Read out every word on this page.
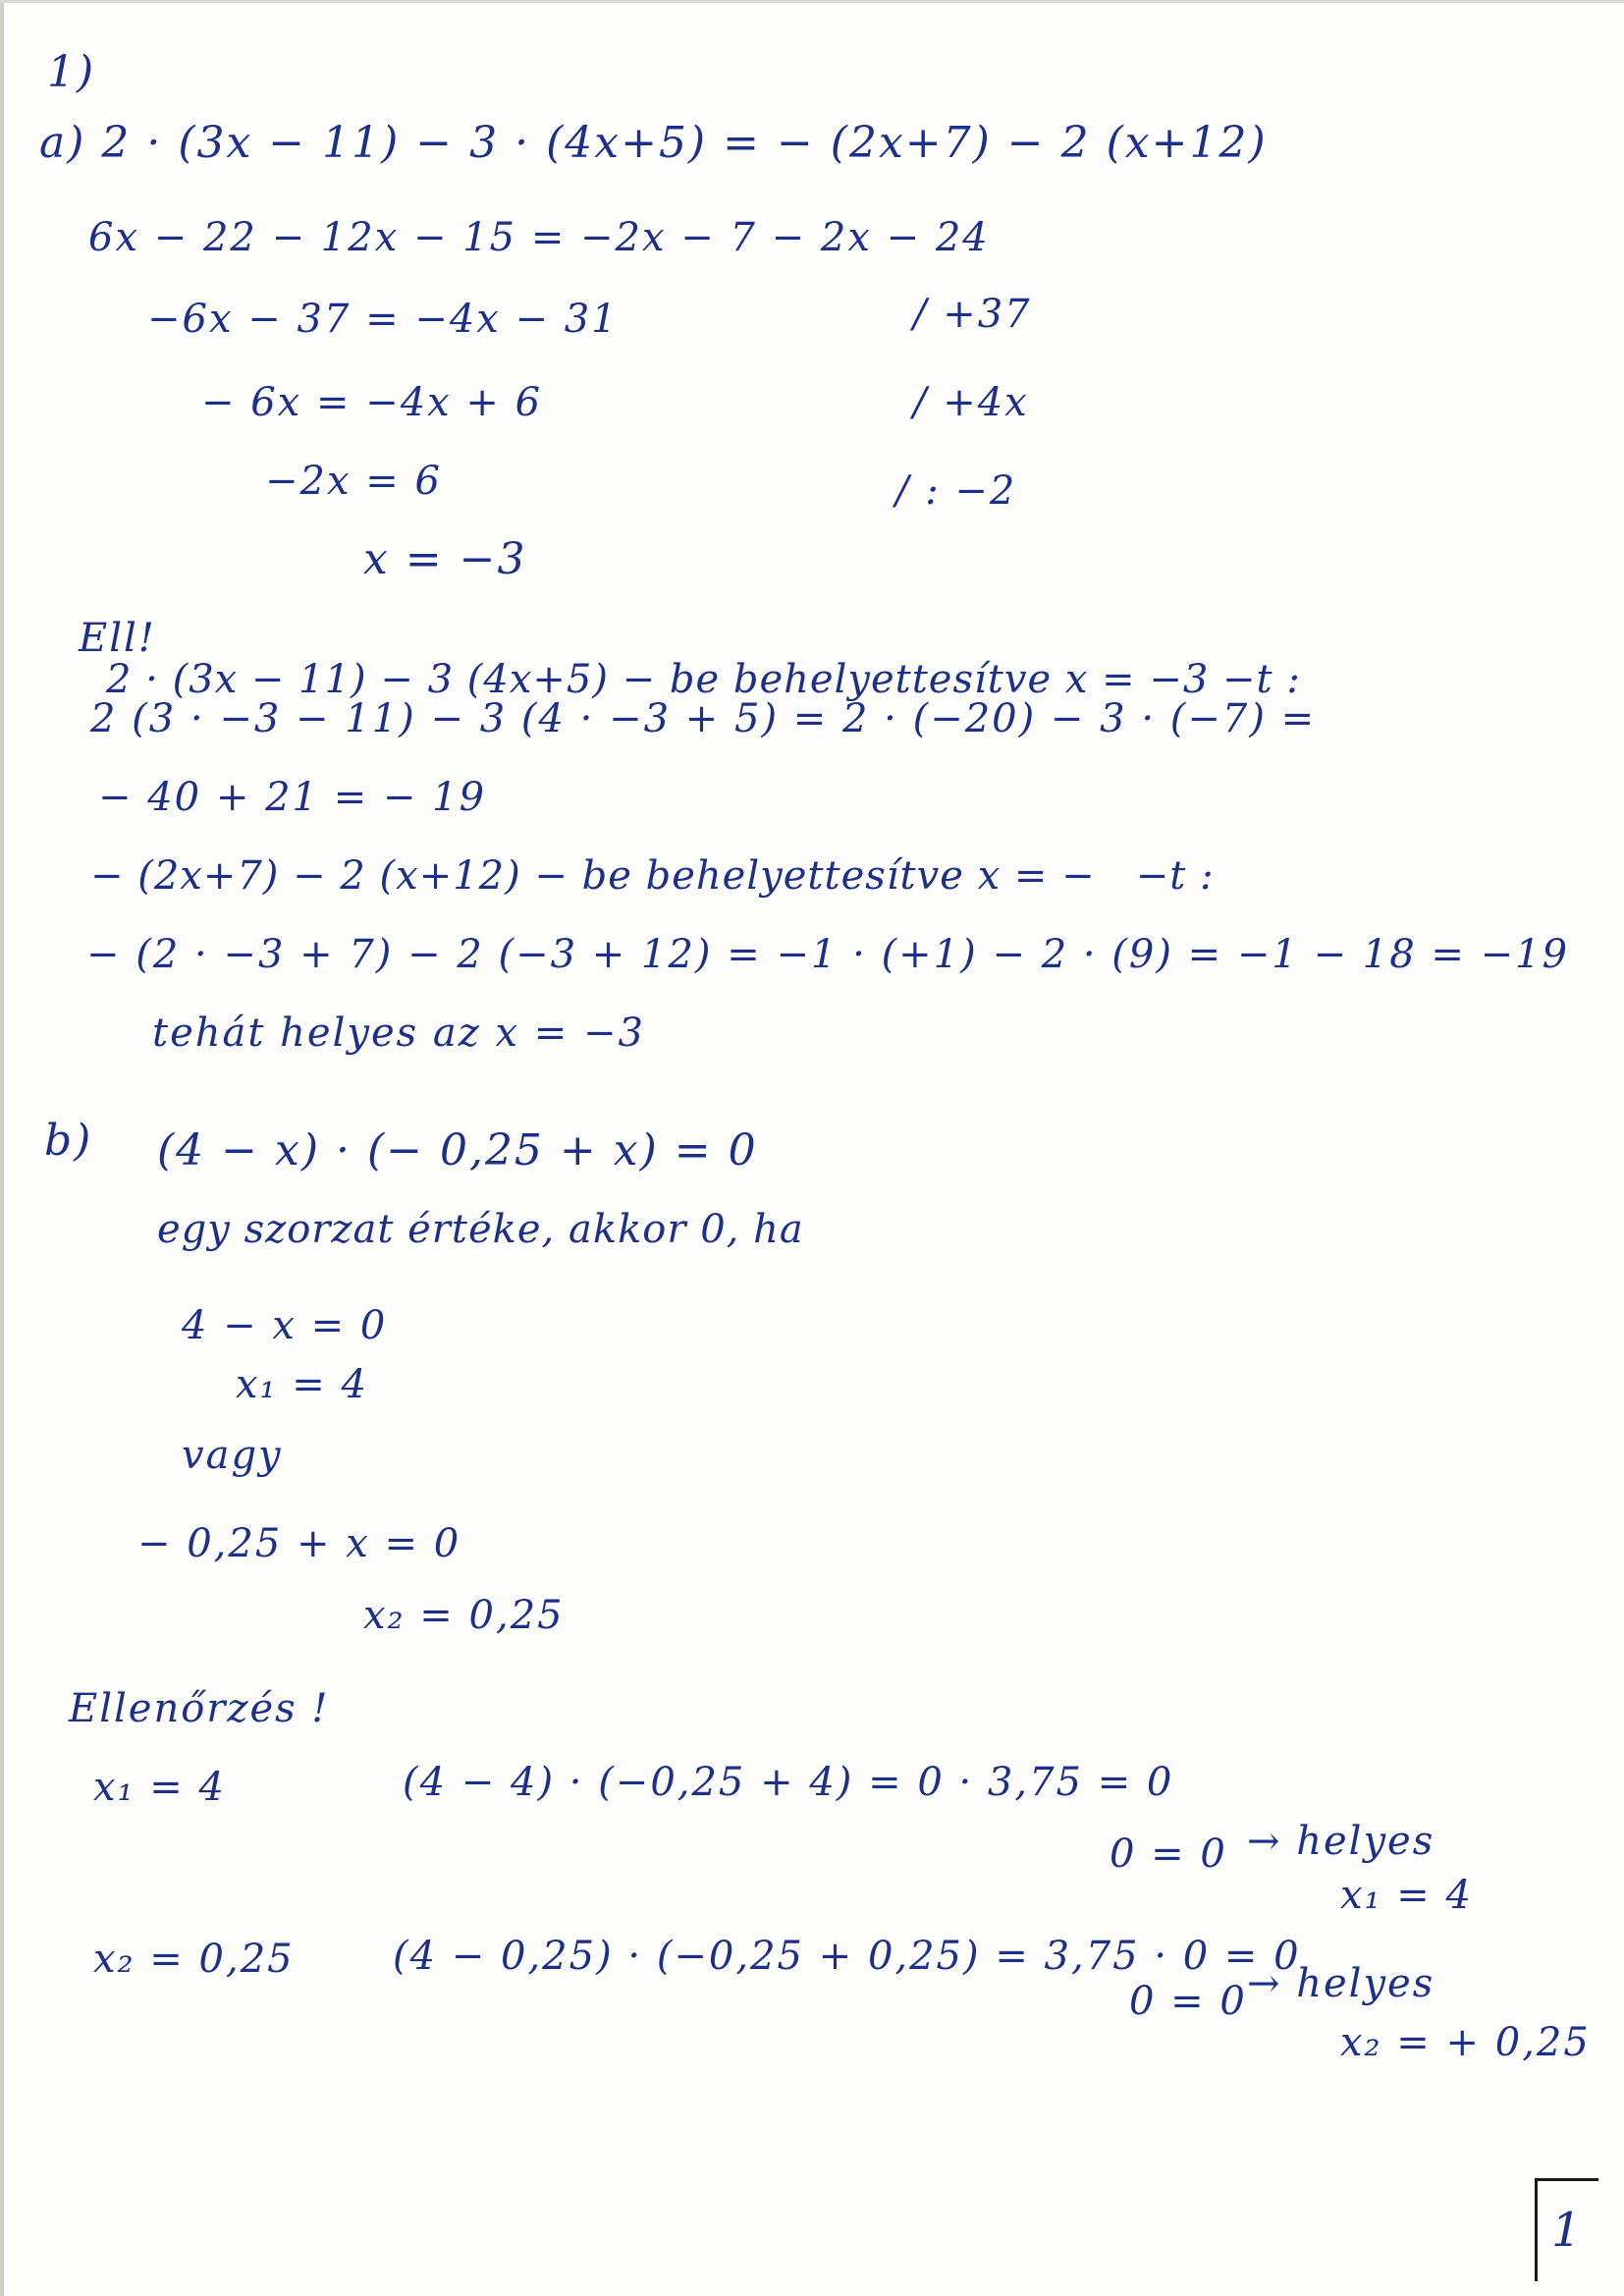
1)
a) 2 · (3x − 11) − 3 · (4x+5) = − (2x+7) − 2 (x+12)
6x − 22 − 12x − 15 = −2x − 7 − 2x − 24
−6x − 37 = −4x − 31	/ +37
− 6x = −4x + 6	/ +4x
−2x = 6	/ : −2
x = −3
Ell!
2 · (3x − 11) − 3 (4x+5) − be behelyettesítve x = −3 −t :
2 (3 · −3 − 11) − 3 (4 · −3 + 5) = 2 · (−20) − 3 · (−7) =
− 40 + 21 = − 19
− (2x+7) − 2 (x+12) − be behelyettesítve x = −   −t :
− (2 · −3 + 7) − 2 (−3 + 12) = −1 · (+1) − 2 · (9) = −1 − 18 = −19
tehát helyes az x = −3
b) (4 − x) · (− 0,25 + x) = 0
egy szorzat értéke, akkor 0, ha
4 − x = 0
x₁ = 4
vagy
− 0,25 + x = 0
x₂ = 0,25
Ellenőrzés !
x₁ = 4	(4 − 4) · (−0,25 + 4) = 0 · 3,75 = 0
0 = 0 → helyes
x₁ = 4
x₂ = 0,25	(4 − 0,25) · (−0,25 + 0,25) = 3,75 · 0 = 0
0 = 0 → helyes
x₂ = + 0,25
1
